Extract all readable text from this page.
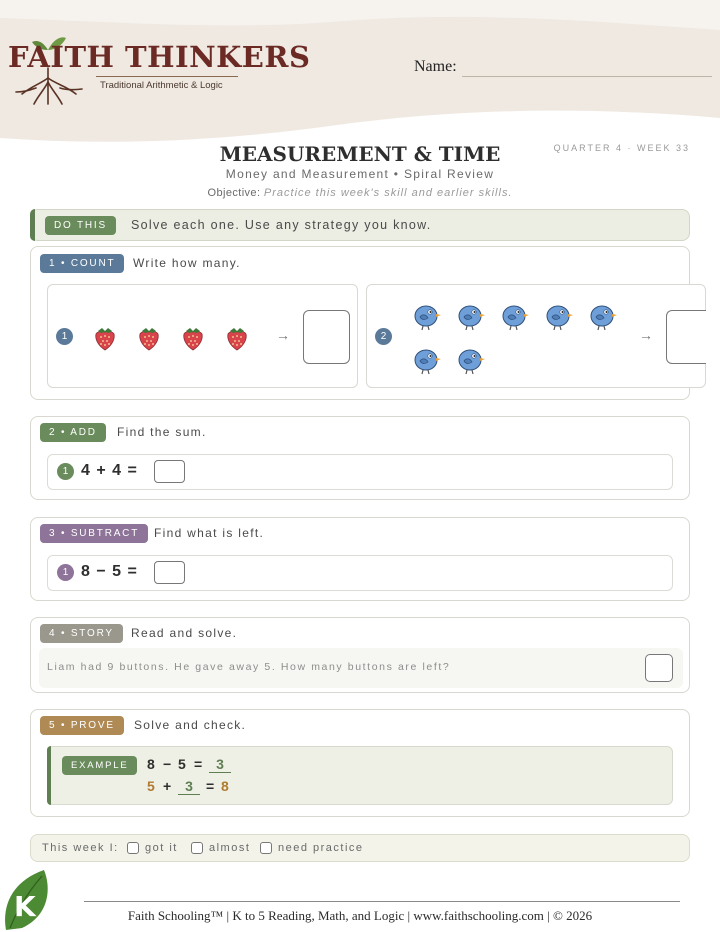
FAITH THINKERS
Traditional Arithmetic & Logic
Name:
QUARTER 4 · WEEK 33
MEASUREMENT & TIME
Money and Measurement • Spiral Review
Objective: Practice this week's skill and earlier skills.
DO THIS	Solve each one. Use any strategy you know.
1 • COUNT	Write how many.
1	→	2	→
2 • ADD	Find the sum.
1 4 + 4 =
3 • SUBTRACT	Find what is left.
1 8 − 5 =
4 • STORY	Read and solve.
Liam had 9 buttons. He gave away 5. How many buttons are left?
5 • PROVE	Solve and check.
EXAMPLE	8 − 5 = 3
5 + 3 = 8
This week I: got it	almost	need practice
K	Faith Schooling™ | K to 5 Reading, Math, and Logic | www.faithschooling.com | © 2026
